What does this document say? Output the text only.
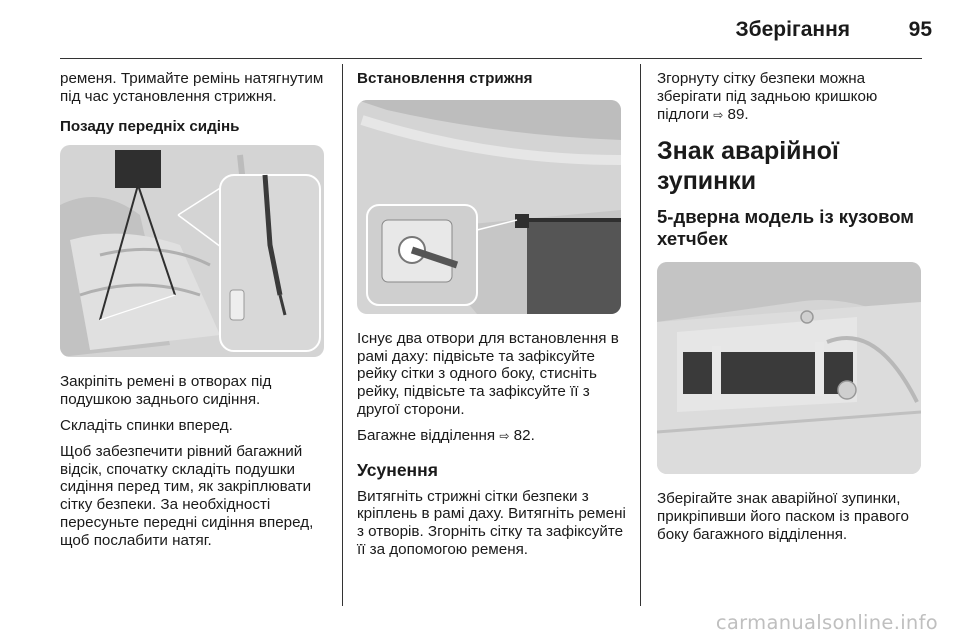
Зберігання	95

ременя. Тримайте ремінь натягнутим під час установлення стрижня.

Позаду передніх сидінь

Закріпіть ремені в отворах під подушкою заднього сидіння.

Складіть спинки вперед.

Щоб забезпечити рівний багажний відсік, спочатку складіть подушки сидіння перед тим, як закріплювати сітку безпеки. За необхідності пересуньте передні сидіння вперед, щоб послабити натяг.

Встановлення стрижня

Існує два отвори для встановлення в рамі даху: підвісьте та зафіксуйте рейку сітки з одного боку, стисніть рейку, підвісьте та зафіксуйте її з другої сторони.

Багажне відділення ⇨ 82.

Усунення

Витягніть стрижні сітки безпеки з кріплень в рамі даху. Витягніть ремені з отворів. Згорніть сітку та зафіксуйте її за допомогою ременя.

Згорнуту сітку безпеки можна зберігати під задньою кришкою підлоги ⇨ 89.

Знак аварійної зупинки
5-дверна модель із кузовом хетчбек

Зберігайте знак аварійної зупинки, прикріпивши його паском із правого боку багажного відділення.

carmanualsonline.info
